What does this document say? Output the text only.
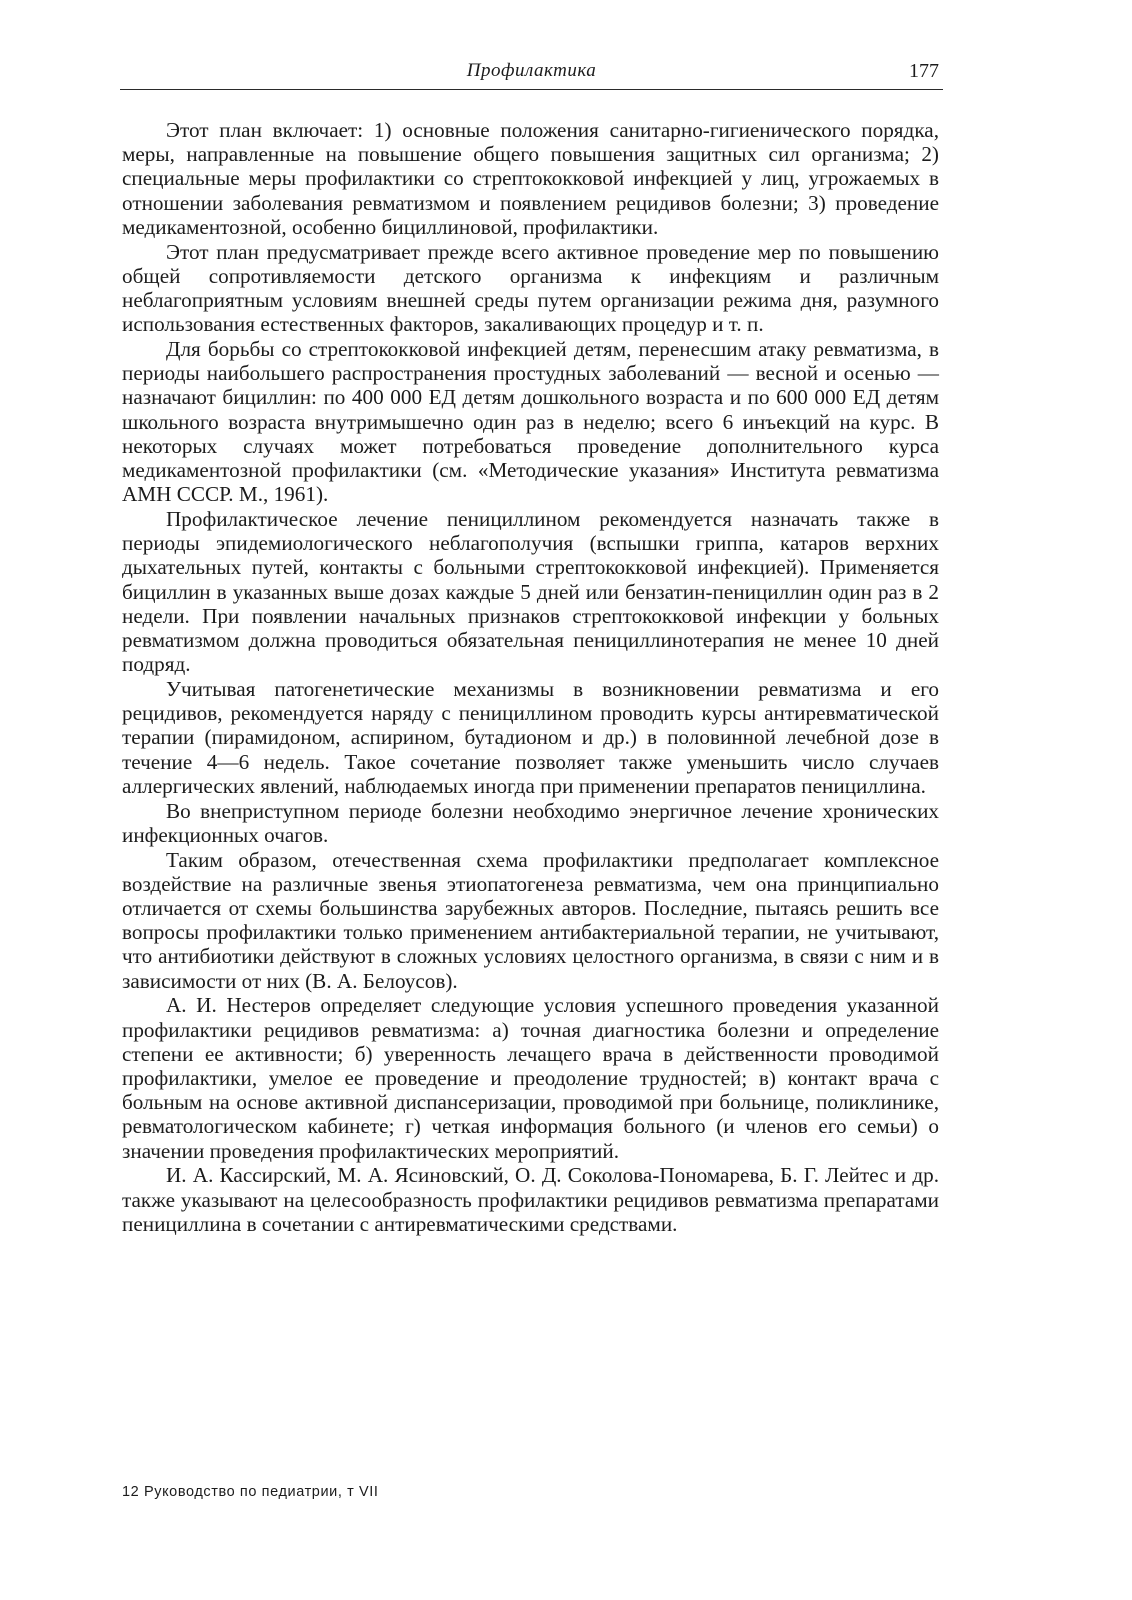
Профилактика	177

Этот план включает: 1) основные положения санитарно-гигиенического порядка, меры, направленные на повышение общего повышения защитных сил организма; 2) специальные меры профилактики со стрептококковой инфекцией у лиц, угрожаемых в отношении заболевания ревматизмом и появлением рецидивов болезни; 3) проведение медикаментозной, особенно бициллиновой, профилактики.

Этот план предусматривает прежде всего активное проведение мер по повышению общей сопротивляемости детского организма к инфекциям и различным неблагоприятным условиям внешней среды путем организации режима дня, разумного использования естественных факторов, закаливающих процедур и т. п.

Для борьбы со стрептококковой инфекцией детям, перенесшим атаку ревматизма, в периоды наибольшего распространения простудных заболеваний — весной и осенью — назначают бициллин: по 400 000 ЕД детям дошкольного возраста и по 600 000 ЕД детям школьного возраста внутримышечно один раз в неделю; всего 6 инъекций на курс. В некоторых случаях может потребоваться проведение дополнительного курса медикаментозной профилактики (см. «Методические указания» Института ревматизма АМН СССР. М., 1961).

Профилактическое лечение пенициллином рекомендуется назначать также в периоды эпидемиологического неблагополучия (вспышки гриппа, катаров верхних дыхательных путей, контакты с больными стрептококковой инфекцией). Применяется бициллин в указанных выше дозах каждые 5 дней или бензатин-пенициллин один раз в 2 недели. При появлении начальных признаков стрептококковой инфекции у больных ревматизмом должна проводиться обязательная пенициллинотерапия не менее 10 дней подряд.

Учитывая патогенетические механизмы в возникновении ревматизма и его рецидивов, рекомендуется наряду с пенициллином проводить курсы антиревматической терапии (пирамидоном, аспирином, бутадионом и др.) в половинной лечебной дозе в течение 4—6 недель. Такое сочетание позволяет также уменьшить число случаев аллергических явлений, наблюдаемых иногда при применении препаратов пенициллина.

Во внеприступном периоде болезни необходимо энергичное лечение хронических инфекционных очагов.

Таким образом, отечественная схема профилактики предполагает комплексное воздействие на различные звенья этиопатогенеза ревматизма, чем она принципиально отличается от схемы большинства зарубежных авторов. Последние, пытаясь решить все вопросы профилактики только применением антибактериальной терапии, не учитывают, что антибиотики действуют в сложных условиях целостного организма, в связи с ним и в зависимости от них (В. А. Белоусов).

А. И. Нестеров определяет следующие условия успешного проведения указанной профилактики рецидивов ревматизма: а) точная диагностика болезни и определение степени ее активности; б) уверенность лечащего врача в действенности проводимой профилактики, умелое ее проведение и преодоление трудностей; в) контакт врача с больным на основе активной диспансеризации, проводимой при больнице, поликлинике, ревматологическом кабинете; г) четкая информация больного (и членов его семьи) о значении проведения профилактических мероприятий.

И. А. Кассирский, М. А. Ясиновский, О. Д. Соколова-Пономарева, Б. Г. Лейтес и др. также указывают на целесообразность профилактики рецидивов ревматизма препаратами пенициллина в сочетании с антиревматическими средствами.

12 Руководство по педиатрии, т VII
